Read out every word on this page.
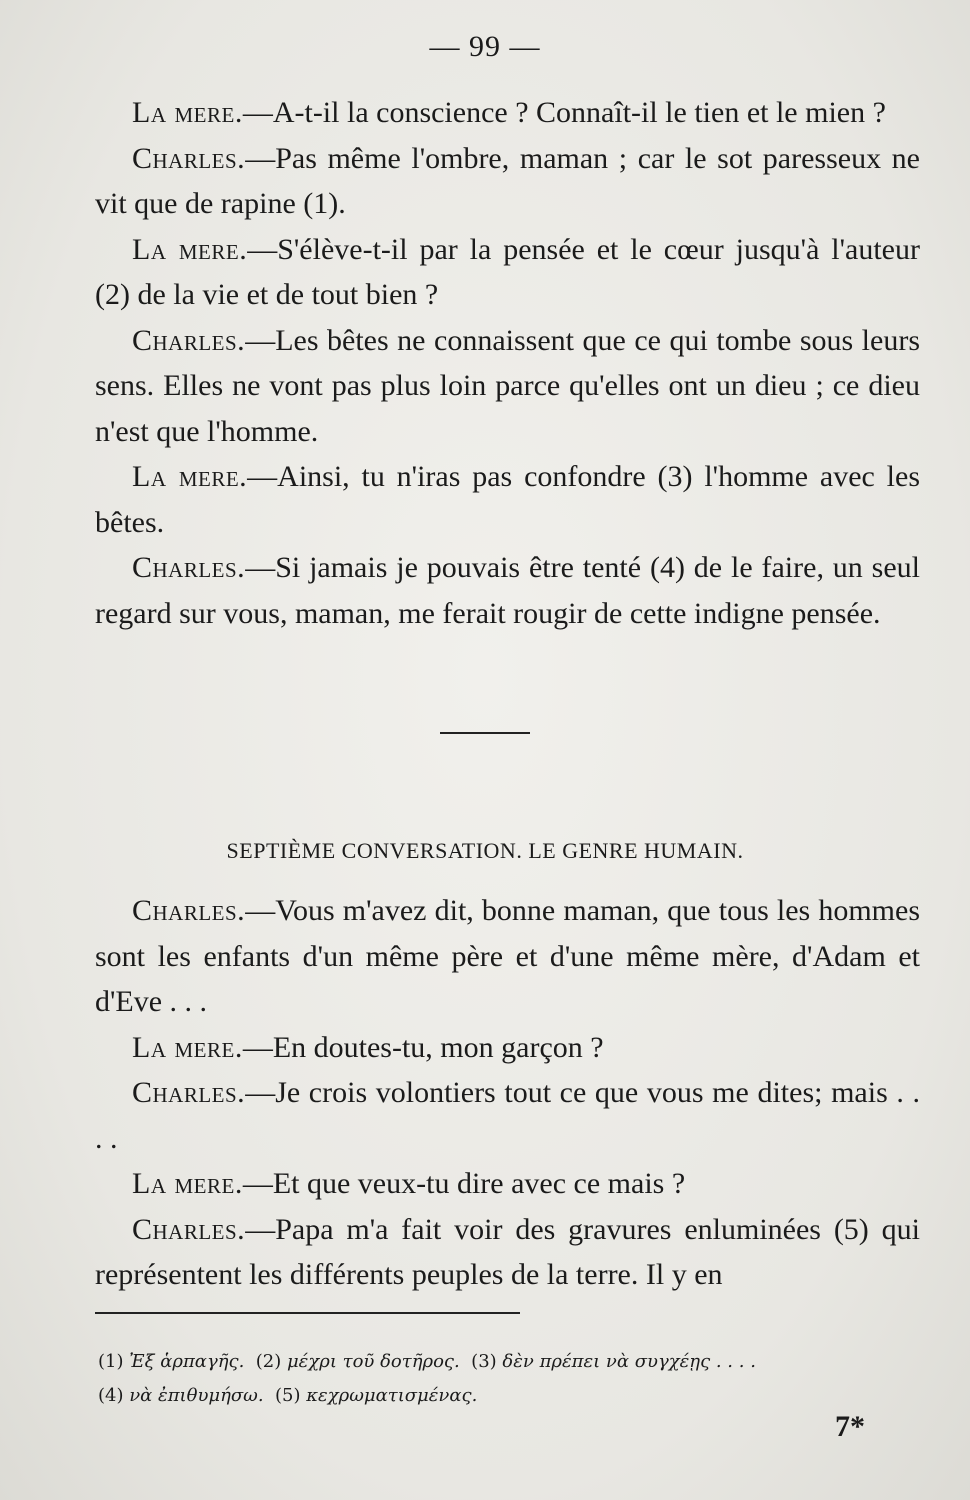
— 99 —

La mere.—A-t-il la conscience ? Connaît-il le tien et le mien ?

Charles.—Pas même l'ombre, maman ; car le sot paresseux ne vit que de rapine (1).

La mere.—S'élève-t-il par la pensée et le cœur jusqu'à l'auteur (2) de la vie et de tout bien ?

Charles.—Les bêtes ne connaissent que ce qui tombe sous leurs sens. Elles ne vont pas plus loin parce qu'elles ont un dieu ; ce dieu n'est que l'homme.

La mere.—Ainsi, tu n'iras pas confondre (3) l'homme avec les bêtes.

Charles.—Si jamais je pouvais être tenté (4) de le faire, un seul regard sur vous, maman, me ferait rougir de cette indigne pensée.

SEPTIÈME CONVERSATION. LE GENRE HUMAIN.

Charles.—Vous m'avez dit, bonne maman, que tous les hommes sont les enfants d'un même père et d'une même mère, d'Adam et d'Eve . . .

La mere.—En doutes-tu, mon garçon ?

Charles.—Je crois volontiers tout ce que vous me dites; mais . . . .

La mere.—Et que veux-tu dire avec ce mais ?

Charles.—Papa m'a fait voir des gravures enluminées (5) qui représentent les différents peuples de la terre. Il y en

(1) Ἐξ ἁρπαγῆς. (2) μέχρι τοῦ δοτῆρος. (3) δὲν πρέπει νὰ συγχέῃς . . . .
(4) νὰ ἐπιθυμήσω. (5) κεχρωματισμένας.
7*
